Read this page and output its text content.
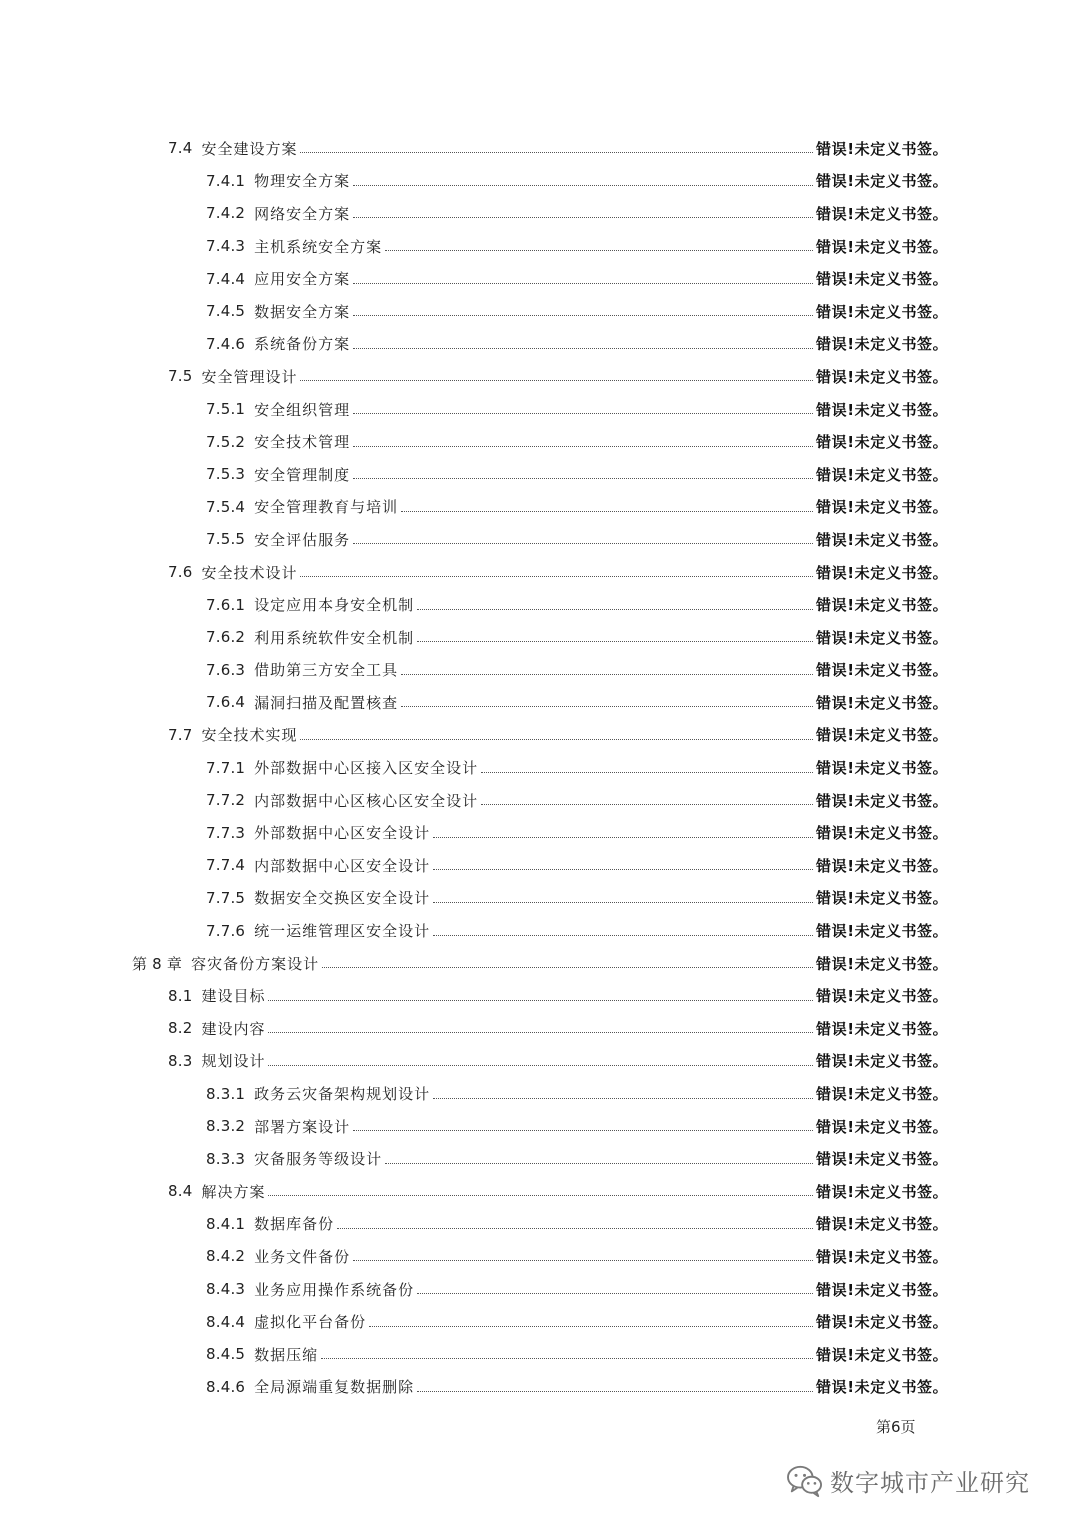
7.4 安全建设方案	错误!未定义书签。
7.4.1 物理安全方案	错误!未定义书签。
7.4.2 网络安全方案	错误!未定义书签。
7.4.3 主机系统安全方案	错误!未定义书签。
7.4.4 应用安全方案	错误!未定义书签。
7.4.5 数据安全方案	错误!未定义书签。
7.4.6 系统备份方案	错误!未定义书签。
7.5 安全管理设计	错误!未定义书签。
7.5.1 安全组织管理	错误!未定义书签。
7.5.2 安全技术管理	错误!未定义书签。
7.5.3 安全管理制度	错误!未定义书签。
7.5.4 安全管理教育与培训	错误!未定义书签。
7.5.5 安全评估服务	错误!未定义书签。
7.6 安全技术设计	错误!未定义书签。
7.6.1 设定应用本身安全机制	错误!未定义书签。
7.6.2 利用系统软件安全机制	错误!未定义书签。
7.6.3 借助第三方安全工具	错误!未定义书签。
7.6.4 漏洞扫描及配置核查	错误!未定义书签。
7.7 安全技术实现	错误!未定义书签。
7.7.1 外部数据中心区接入区安全设计	错误!未定义书签。
7.7.2 内部数据中心区核心区安全设计	错误!未定义书签。
7.7.3 外部数据中心区安全设计	错误!未定义书签。
7.7.4 内部数据中心区安全设计	错误!未定义书签。
7.7.5 数据安全交换区安全设计	错误!未定义书签。
7.7.6 统一运维管理区安全设计	错误!未定义书签。
第 8 章 容灾备份方案设计	错误!未定义书签。
8.1 建设目标	错误!未定义书签。
8.2 建设内容	错误!未定义书签。
8.3 规划设计	错误!未定义书签。
8.3.1 政务云灾备架构规划设计	错误!未定义书签。
8.3.2 部署方案设计	错误!未定义书签。
8.3.3 灾备服务等级设计	错误!未定义书签。
8.4 解决方案	错误!未定义书签。
8.4.1 数据库备份	错误!未定义书签。
8.4.2 业务文件备份	错误!未定义书签。
8.4.3 业务应用操作系统备份	错误!未定义书签。
8.4.4 虚拟化平台备份	错误!未定义书签。
8.4.5 数据压缩	错误!未定义书签。
8.4.6 全局源端重复数据删除	错误!未定义书签。
第6页
数字城市产业研究
